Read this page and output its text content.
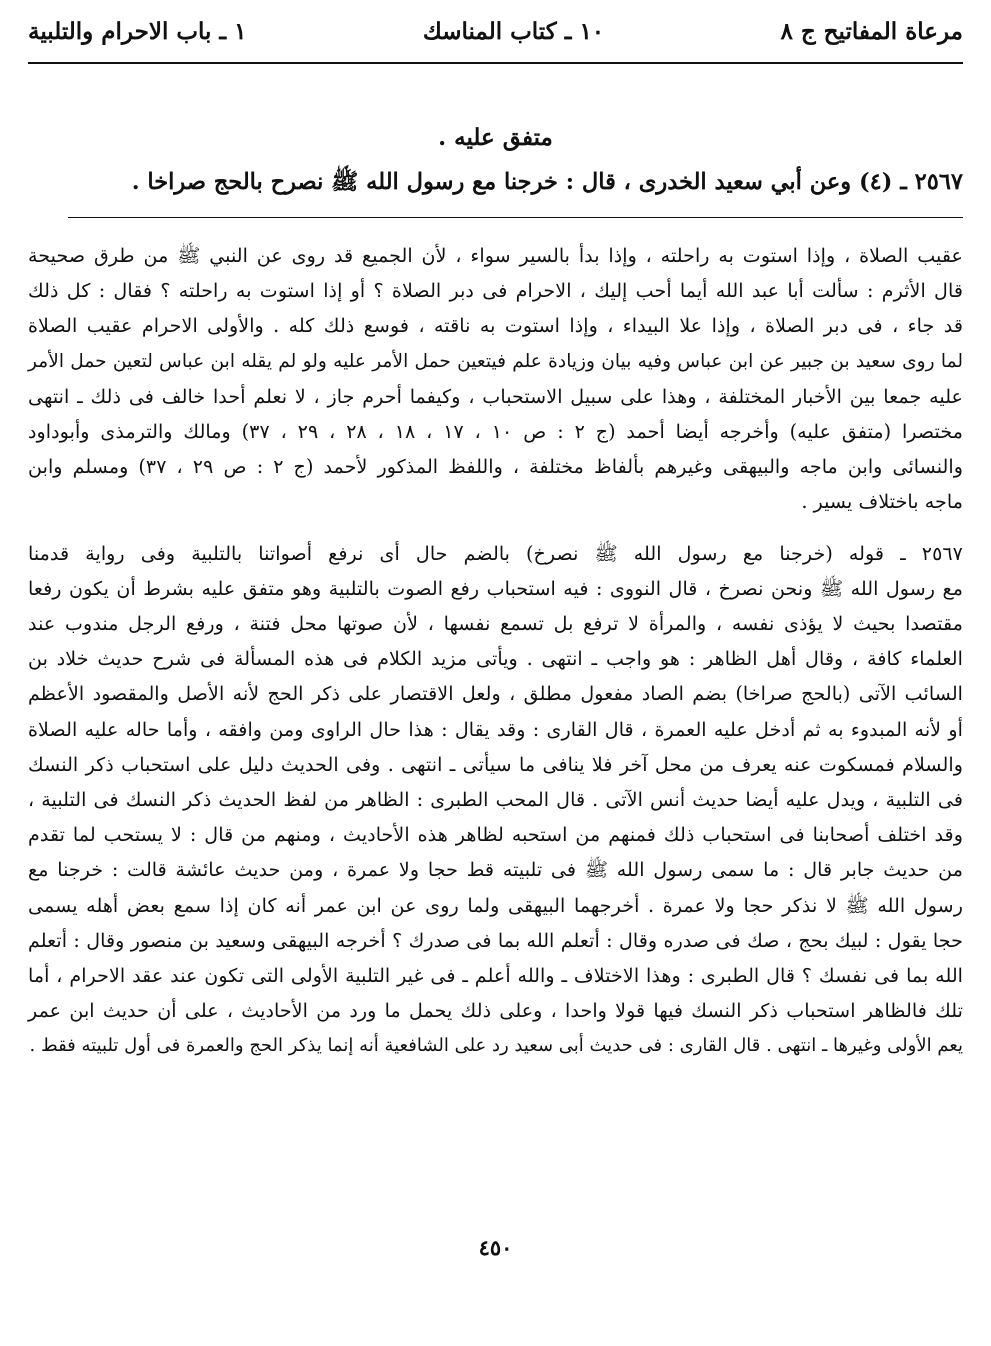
مرعاة المفاتيح ج ٨
١٠ ـ كتاب المناسك
١ ـ باب الاحرام والتلبية
متفق عليه .
٢٥٦٧ ـ (٤) وعن أبي سعيد الخدرى ، قال : خرجنا مع رسول الله ﷺ نصرح بالحج صراخا .
عقيب الصلاة ، وإذا استوت به راحلته ، وإذا بدأ بالسير سواء ، لأن الجميع قد روى عن النبي ﷺ من طرق صحيحة
قال الأثرم : سألت أبا عبد الله أيما أحب إليك ، الاحرام فى دبر الصلاة ؟ أو إذا استوت به راحلته ؟ فقال : كل ذلك
قد جاء ، فى دبر الصلاة ، وإذا علا البيداء ، وإذا استوت به ناقته ، فوسع ذلك كله . والأولى الاحرام عقيب الصلاة
لما روى سعيد بن جبير عن ابن عباس وفيه بيان وزيادة علم فيتعين حمل الأمر عليه ولو لم يقله ابن عباس لتعين حمل الأمر
عليه جمعا بين الأخبار المختلفة ، وهذا على سبيل الاستحباب ، وكيفما أحرم جاز ، لا نعلم أحدا خالف فى ذلك ـ انتهى
مختصرا (متفق عليه) وأخرجه أيضا أحمد (ج ٢ : ص ١٠ ، ١٧ ، ١٨ ، ٢٨ ، ٢٩ ، ٣٧) ومالك والترمذى وأبوداود
والنسائى وابن ماجه والبيهقى وغيرهم بألفاظ مختلفة ، واللفظ المذكور لأحمد (ج ٢ : ص ٢٩ ، ٣٧) ومسلم وابن
ماجه باختلاف يسير .
٢٥٦٧ ـ قوله (خرجنا مع رسول الله ﷺ نصرخ) بالضم حال أى نرفع أصواتنا بالتلبية وفى رواية قدمنا
مع رسول الله ﷺ ونحن نصرخ ، قال النووى : فيه استحباب رفع الصوت بالتلبية وهو متفق عليه بشرط أن يكون رفعا
مقتصدا بحيث لا يؤذى نفسه ، والمرأة لا ترفع بل تسمع نفسها ، لأن صوتها محل فتنة ، ورفع الرجل مندوب عند
العلماء كافة ، وقال أهل الظاهر : هو واجب ـ انتهى . ويأتى مزيد الكلام فى هذه المسألة فى شرح حديث خلاد بن
السائب الآتى (بالحج صراخا) بضم الصاد مفعول مطلق ، ولعل الاقتصار على ذكر الحج لأنه الأصل والمقصود الأعظم
أو لأنه المبدوء به ثم أدخل عليه العمرة ، قال القارى : وقد يقال : هذا حال الراوى ومن وافقه ، وأما حاله عليه الصلاة
والسلام فمسكوت عنه يعرف من محل آخر فلا ينافى ما سيأتى ـ انتهى . وفى الحديث دليل على استحباب ذكر النسك
فى التلبية ، ويدل عليه أيضا حديث أنس الآتى . قال المحب الطبرى : الظاهر من لفظ الحديث ذكر النسك فى التلبية ،
وقد اختلف أصحابنا فى استحباب ذلك فمنهم من استحبه لظاهر هذه الأحاديث ، ومنهم من قال : لا يستحب لما تقدم
من حديث جابر قال : ما سمى رسول الله ﷺ فى تلبيته قط حجا ولا عمرة ، ومن حديث عائشة قالت : خرجنا مع
رسول الله ﷺ لا نذكر حجا ولا عمرة . أخرجهما البيهقى ولما روى عن ابن عمر أنه كان إذا سمع بعض أهله يسمى
حجا يقول : لبيك بحج ، صك فى صدره وقال : أتعلم الله بما فى صدرك ؟ أخرجه البيهقى وسعيد بن منصور وقال : أتعلم
الله بما فى نفسك ؟ قال الطبرى : وهذا الاختلاف ـ والله أعلم ـ فى غير التلبية الأولى التى تكون عند عقد الاحرام ، أما
تلك فالظاهر استحباب ذكر النسك فيها قولا واحدا ، وعلى ذلك يحمل ما ورد من الأحاديث ، على أن حديث ابن عمر
يعم الأولى وغيرها ـ انتهى . قال القارى : فى حديث أبى سعيد رد على الشافعية أنه إنما يذكر الحج والعمرة فى أول تلبيته فقط .
٤٥٠
